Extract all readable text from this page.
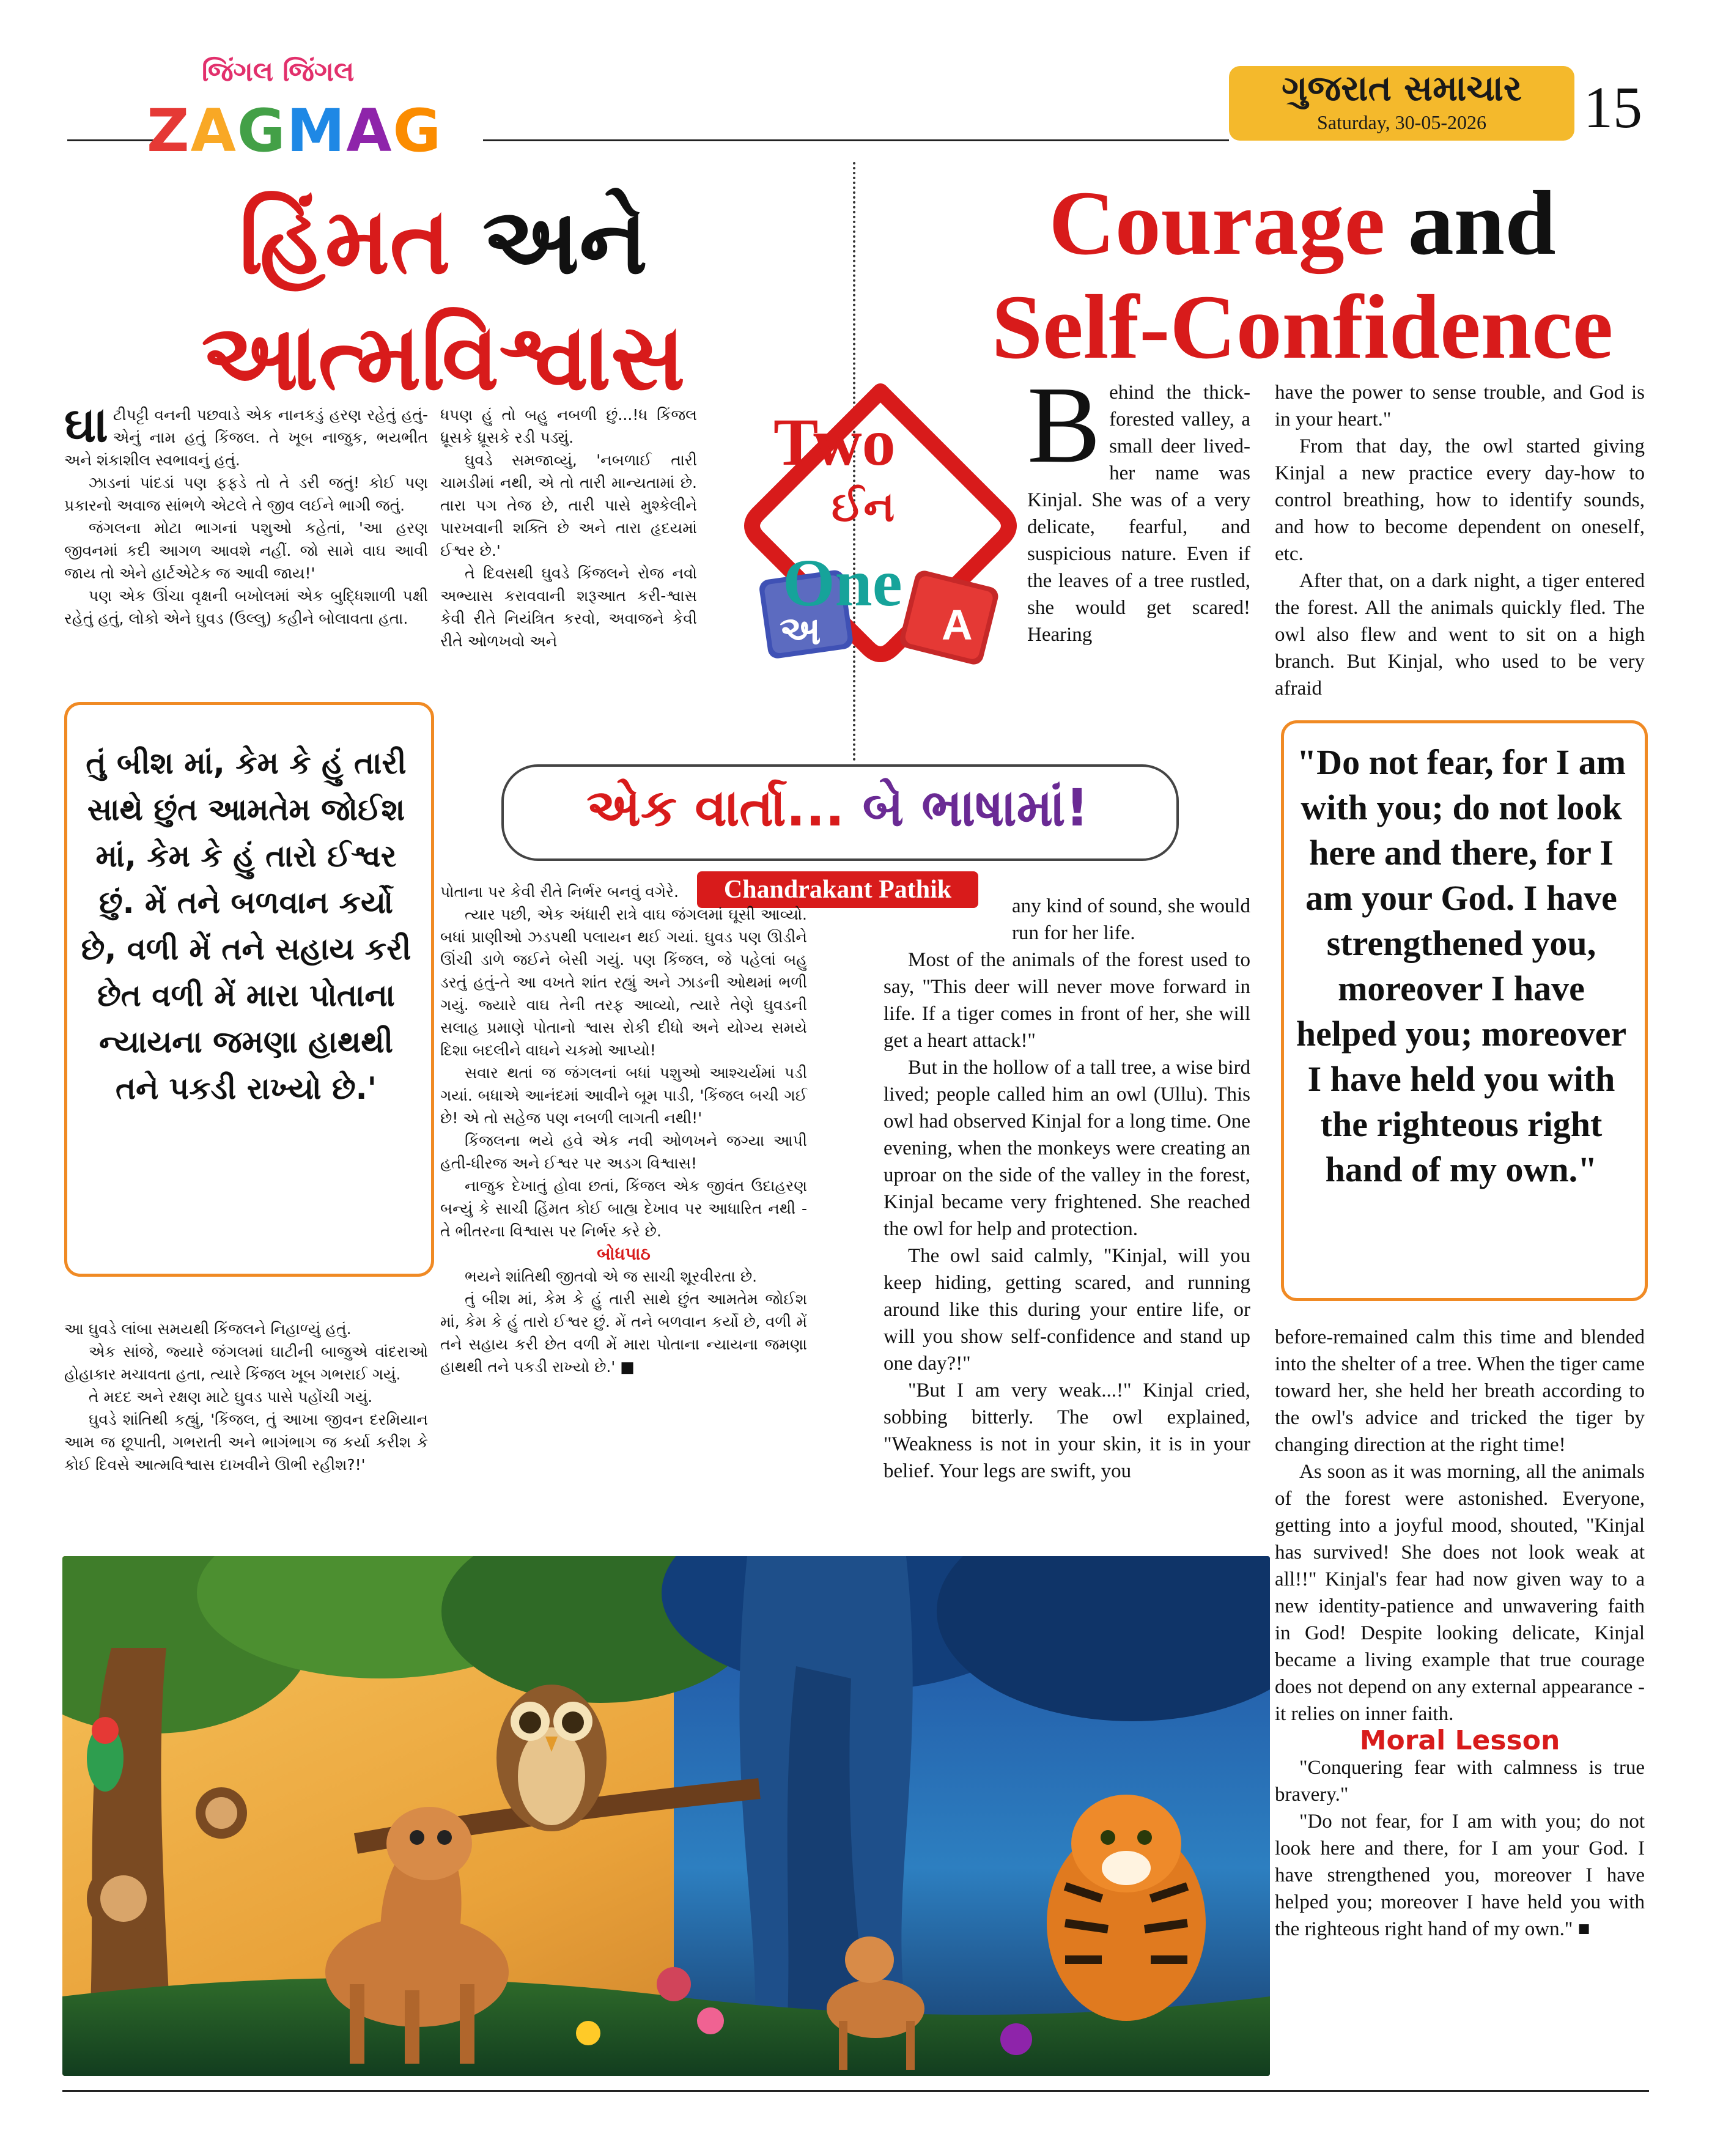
જિંગલ જિંગલ
ZAGMAG
ગુજરાત સમાચાર
Saturday, 30-05-2026	15
હિંમત અને
આત્મવિશ્વાસ
Courage and
Self-Confidence
Two
ઈન
One
અ	A
એક વાર્તા... બે ભાષામાં!
Chandrakant Pathik

ઘાટીપટ્ટી વનની પછવાડે એક નાનકડું હરણ રહેતું હતું-એનું નામ હતું કિંજલ. તે ખૂબ નાજુક, ભયભીત અને શંકાશીલ સ્વભાવનું હતું.

ઝાડનાં પાંદડાં પણ ફફડે તો તે ડરી જતું! કોઈ પણ પ્રકારનો અવાજ સાંભળે એટલે તે જીવ લઈને ભાગી જતું.

જંગલના મોટા ભાગનાં પશુઓ કહેતાં, 'આ હરણ જીવનમાં કદી આગળ આવશે નહીં. જો સામે વાઘ આવી જાય તો એને હાર્ટએટેક જ આવી જાય!'

પણ એક ઊંચા વૃક્ષની બખોલમાં એક બુદ્ધિશાળી પક્ષી રહેતું હતું, લોકો એને ઘુવડ (ઉલ્લુ) કહીને બોલાવતા હતા.

ધપણ હું તો બહુ નબળી છું...!ધ કિંજલ ધ્રૂસકે ધ્રૂસકે રડી પડ્યું.

ઘુવડે સમજાવ્યું, 'નબળાઈ તારી ચામડીમાં નથી, એ તો તારી માન્યતામાં છે. તારા પગ તેજ છે, તારી પાસે મુશ્કેલીને પારખવાની શક્તિ છે અને તારા હૃદયમાં ઈશ્વર છે.'

તે દિવસથી ઘુવડે કિંજલને રોજ નવો અભ્યાસ કરાવવાની શરૂઆત કરી-શ્વાસ કેવી રીતે નિયંત્રિત કરવો, અવાજને કેવી રીતે ઓળખવો અને

તું બીશ માં, કેમ કે હું તારી સાથે છુંત આમતેમ જોઈશ માં, કેમ કે હું તારો ઈશ્વર છું. મેં તને બળવાન કર્યો છે, વળી મેં તને સહાય કરી છેત વળી મેં મારા પોતાના ન્યાયના જમણા હાથથી તને પકડી રાખ્યો છે.'

આ ઘુવડે લાંબા સમયથી કિંજલને નિહાળ્યું હતું.

એક સાંજે, જ્યારે જંગલમાં ઘાટીની બાજુએ વાંદરાઓ હોહાકાર મચાવતા હતા, ત્યારે કિંજલ ખૂબ ગભરાઈ ગયું.

તે મદદ અને રક્ષણ માટે ઘુવડ પાસે પહોંચી ગયું.

ઘુવડે શાંતિથી કહ્યું, 'કિંજલ, તું આખા જીવન દરમિયાન આમ જ છૂપાતી, ગભરાતી અને ભાગંભાગ જ કર્યા કરીશ કે કોઈ દિવસે આત્મવિશ્વાસ દાખવીને ઊભી રહીશ?!'

પોતાના પર કેવી રીતે નિર્ભર બનવું વગેરે.

ત્યાર પછી, એક અંધારી રાત્રે વાઘ જંગલમાં ઘૂસી આવ્યો. બધાં પ્રાણીઓ ઝડપથી પલાયન થઈ ગયાં. ઘુવડ પણ ઊડીને ઊંચી ડાળે જઈને બેસી ગયું. પણ કિંજલ, જે પહેલાં બહુ ડરતું હતું-તે આ વખતે શાંત રહ્યું અને ઝાડની ઓથમાં ભળી ગયું. જ્યારે વાઘ તેની તરફ આવ્યો, ત્યારે તેણે ઘુવડની સલાહ પ્રમાણે પોતાનો શ્વાસ રોકી દીધો અને યોગ્ય સમયે દિશા બદલીને વાઘને ચકમો આપ્યો!

સવાર થતાં જ જંગલનાં બધાં પશુઓ આશ્ચર્યમાં પડી ગયાં. બધાએ આનંદમાં આવીને બૂમ પાડી, 'કિંજલ બચી ગઈ છે! એ તો સહેજ પણ નબળી લાગતી નથી!'

કિંજલના ભયે હવે એક નવી ઓળખને જગ્યા આપી હતી-ધીરજ અને ઈશ્વર પર અડગ વિશ્વાસ!

નાજુક દેખાતું હોવા છતાં, કિંજલ એક જીવંત ઉદાહરણ બન્યું કે સાચી હિંમત કોઈ બાહ્ય દેખાવ પર આધારિત નથી - તે ભીતરના વિશ્વાસ પર નિર્ભર કરે છે.

બોધપાઠ

ભયને શાંતિથી જીતવો એ જ સાચી શૂરવીરતા છે.

તું બીશ માં, કેમ કે હું તારી સાથે છુંત આમતેમ જોઈશ માં, કેમ કે હું તારો ઈશ્વર છું. મેં તને બળવાન કર્યો છે, વળી મેં તને સહાય કરી છેત વળી મેં મારા પોતાના ન્યાયના જમણા હાથથી તને પકડી રાખ્યો છે.' ■

Behind the thick-forested valley, a small deer lived-her name was Kinjal. She was of a very delicate, fearful, and suspicious nature. Even if the leaves of a tree rustled, she would get scared! Hearing

have the power to sense trouble, and God is in your heart."

From that day, the owl started giving Kinjal a new practice every day-how to control breathing, how to identify sounds, and how to become dependent on oneself, etc.

After that, on a dark night, a tiger entered the forest. All the animals quickly fled. The owl also flew and went to sit on a high branch. But Kinjal, who used to be very afraid

"Do not fear, for I am with you; do not look here and there, for I am your God. I have strengthened you, moreover I have helped you; moreover I have held you with the righteous right hand of my own."

any kind of sound, she would run for her life.

Most of the animals of the forest used to say, "This deer will never move forward in life. If a tiger comes in front of her, she will get a heart attack!"

But in the hollow of a tall tree, a wise bird lived; people called him an owl (Ullu). This owl had observed Kinjal for a long time. One evening, when the monkeys were creating an uproar on the side of the valley in the forest, Kinjal became very frightened. She reached the owl for help and protection.

The owl said calmly, "Kinjal, will you keep hiding, getting scared, and running around like this during your entire life, or will you show self-confidence and stand up one day?!"

"But I am very weak...!" Kinjal cried, sobbing bitterly. The owl explained, "Weakness is not in your skin, it is in your belief. Your legs are swift, you

before-remained calm this time and blended into the shelter of a tree. When the tiger came toward her, she held her breath according to the owl's advice and tricked the tiger by changing direction at the right time!

As soon as it was morning, all the animals of the forest were astonished. Everyone, getting into a joyful mood, shouted, "Kinjal has survived! She does not look weak at all!!" Kinjal's fear had now given way to a new identity-patience and unwavering faith in God! Despite looking delicate, Kinjal became a living example that true courage does not depend on any external appearance - it relies on inner faith.

Moral Lesson

"Conquering fear with calmness is true bravery."

"Do not fear, for I am with you; do not look here and there, for I am your God. I have strengthened you, moreover I have helped you; moreover I have held you with the righteous right hand of my own." ■
